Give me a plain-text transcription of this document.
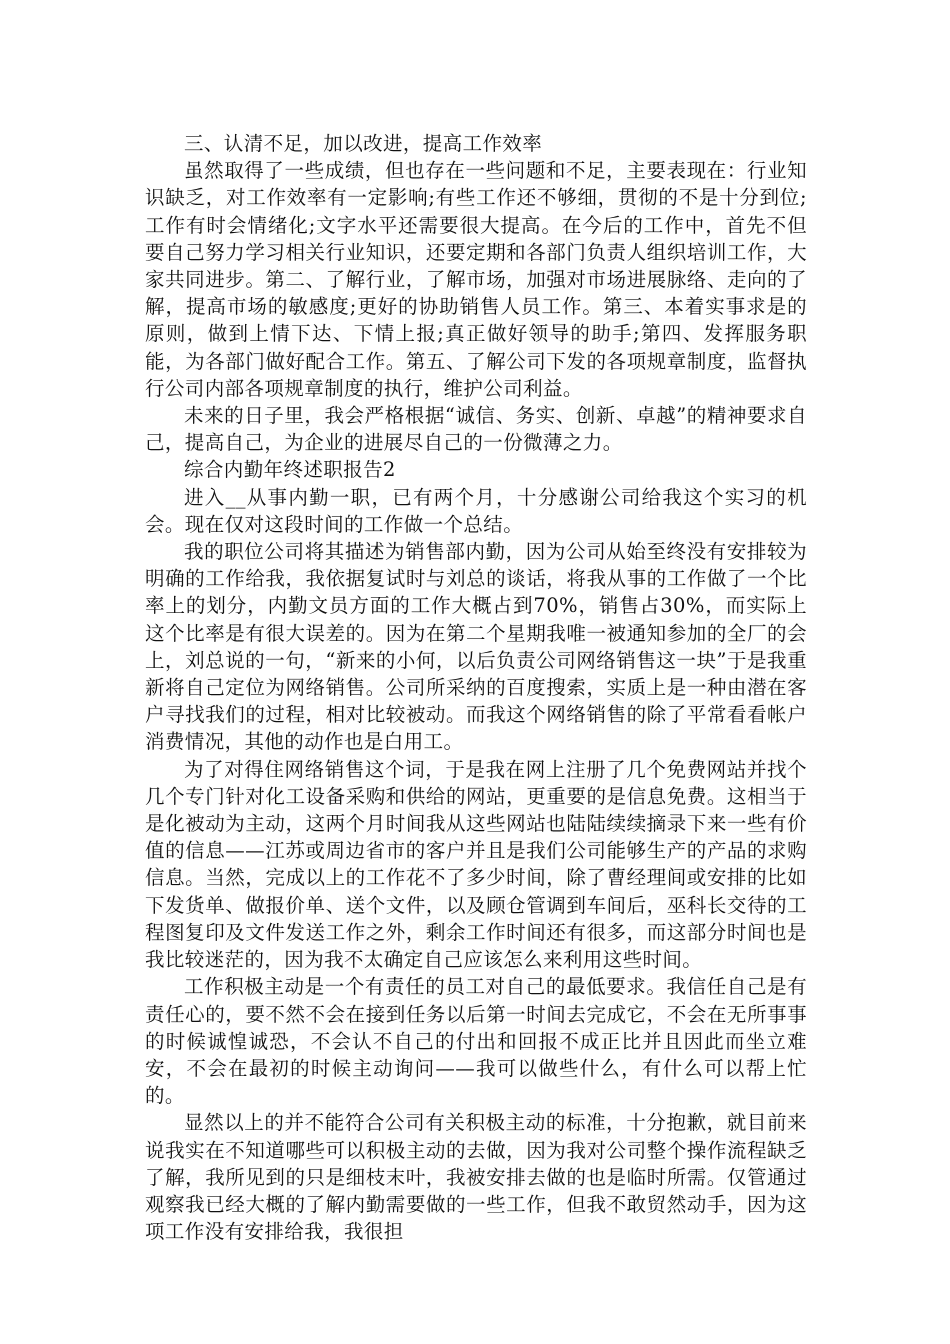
三、认清不足，加以改进，提高工作效率

虽然取得了一些成绩，但也存在一些问题和不足，主要表现在：行业知识缺乏，对工作效率有一定影响;有些工作还不够细，贯彻的不是十分到位;工作有时会情绪化;文字水平还需要很大提高。在今后的工作中，首先不但要自己努力学习相关行业知识，还要定期和各部门负责人组织培训工作，大家共同进步。第二、了解行业，了解市场，加强对市场进展脉络、走向的了解，提高市场的敏感度;更好的协助销售人员工作。第三、本着实事求是的原则，做到上情下达、下情上报;真正做好领导的助手;第四、发挥服务职能，为各部门做好配合工作。第五、了解公司下发的各项规章制度，监督执行公司内部各项规章制度的执行，维护公司利益。

未来的日子里，我会严格根据“诚信、务实、创新、卓越”的精神要求自己，提高自己，为企业的进展尽自己的一份微薄之力。

综合内勤年终述职报告2

进入__从事内勤一职，已有两个月，十分感谢公司给我这个实习的机会。现在仅对这段时间的工作做一个总结。

我的职位公司将其描述为销售部内勤，因为公司从始至终没有安排较为明确的工作给我，我依据复试时与刘总的谈话，将我从事的工作做了一个比率上的划分，内勤文员方面的工作大概占到70%，销售占30%，而实际上这个比率是有很大误差的。因为在第二个星期我唯一被通知参加的全厂的会上，刘总说的一句，“新来的小何，以后负责公司网络销售这一块”于是我重新将自己定位为网络销售。公司所采纳的百度搜索，实质上是一种由潜在客户寻找我们的过程，相对比较被动。而我这个网络销售的除了平常看看帐户消费情况，其他的动作也是白用工。

为了对得住网络销售这个词，于是我在网上注册了几个免费网站并找个几个专门针对化工设备采购和供给的网站，更重要的是信息免费。这相当于是化被动为主动，这两个月时间我从这些网站也陆陆续续摘录下来一些有价值的信息——江苏或周边省市的客户并且是我们公司能够生产的产品的求购信息。当然，完成以上的工作花不了多少时间，除了曹经理间或安排的比如下发货单、做报价单、送个文件，以及顾仓管调到车间后，巫科长交待的工程图复印及文件发送工作之外，剩余工作时间还有很多，而这部分时间也是我比较迷茫的，因为我不太确定自己应该怎么来利用这些时间。

工作积极主动是一个有责任的员工对自己的最低要求。我信任自己是有责任心的，要不然不会在接到任务以后第一时间去完成它，不会在无所事事的时候诚惶诚恐，不会认不自己的付出和回报不成正比并且因此而坐立难安，不会在最初的时候主动询问——我可以做些什么，有什么可以帮上忙的。

显然以上的并不能符合公司有关积极主动的标准，十分抱歉，就目前来说我实在不知道哪些可以积极主动的去做，因为我对公司整个操作流程缺乏了解，我所见到的只是细枝末叶，我被安排去做的也是临时所需。仅管通过观察我已经大概的了解内勤需要做的一些工作，但我不敢贸然动手，因为这项工作没有安排给我，我很担
